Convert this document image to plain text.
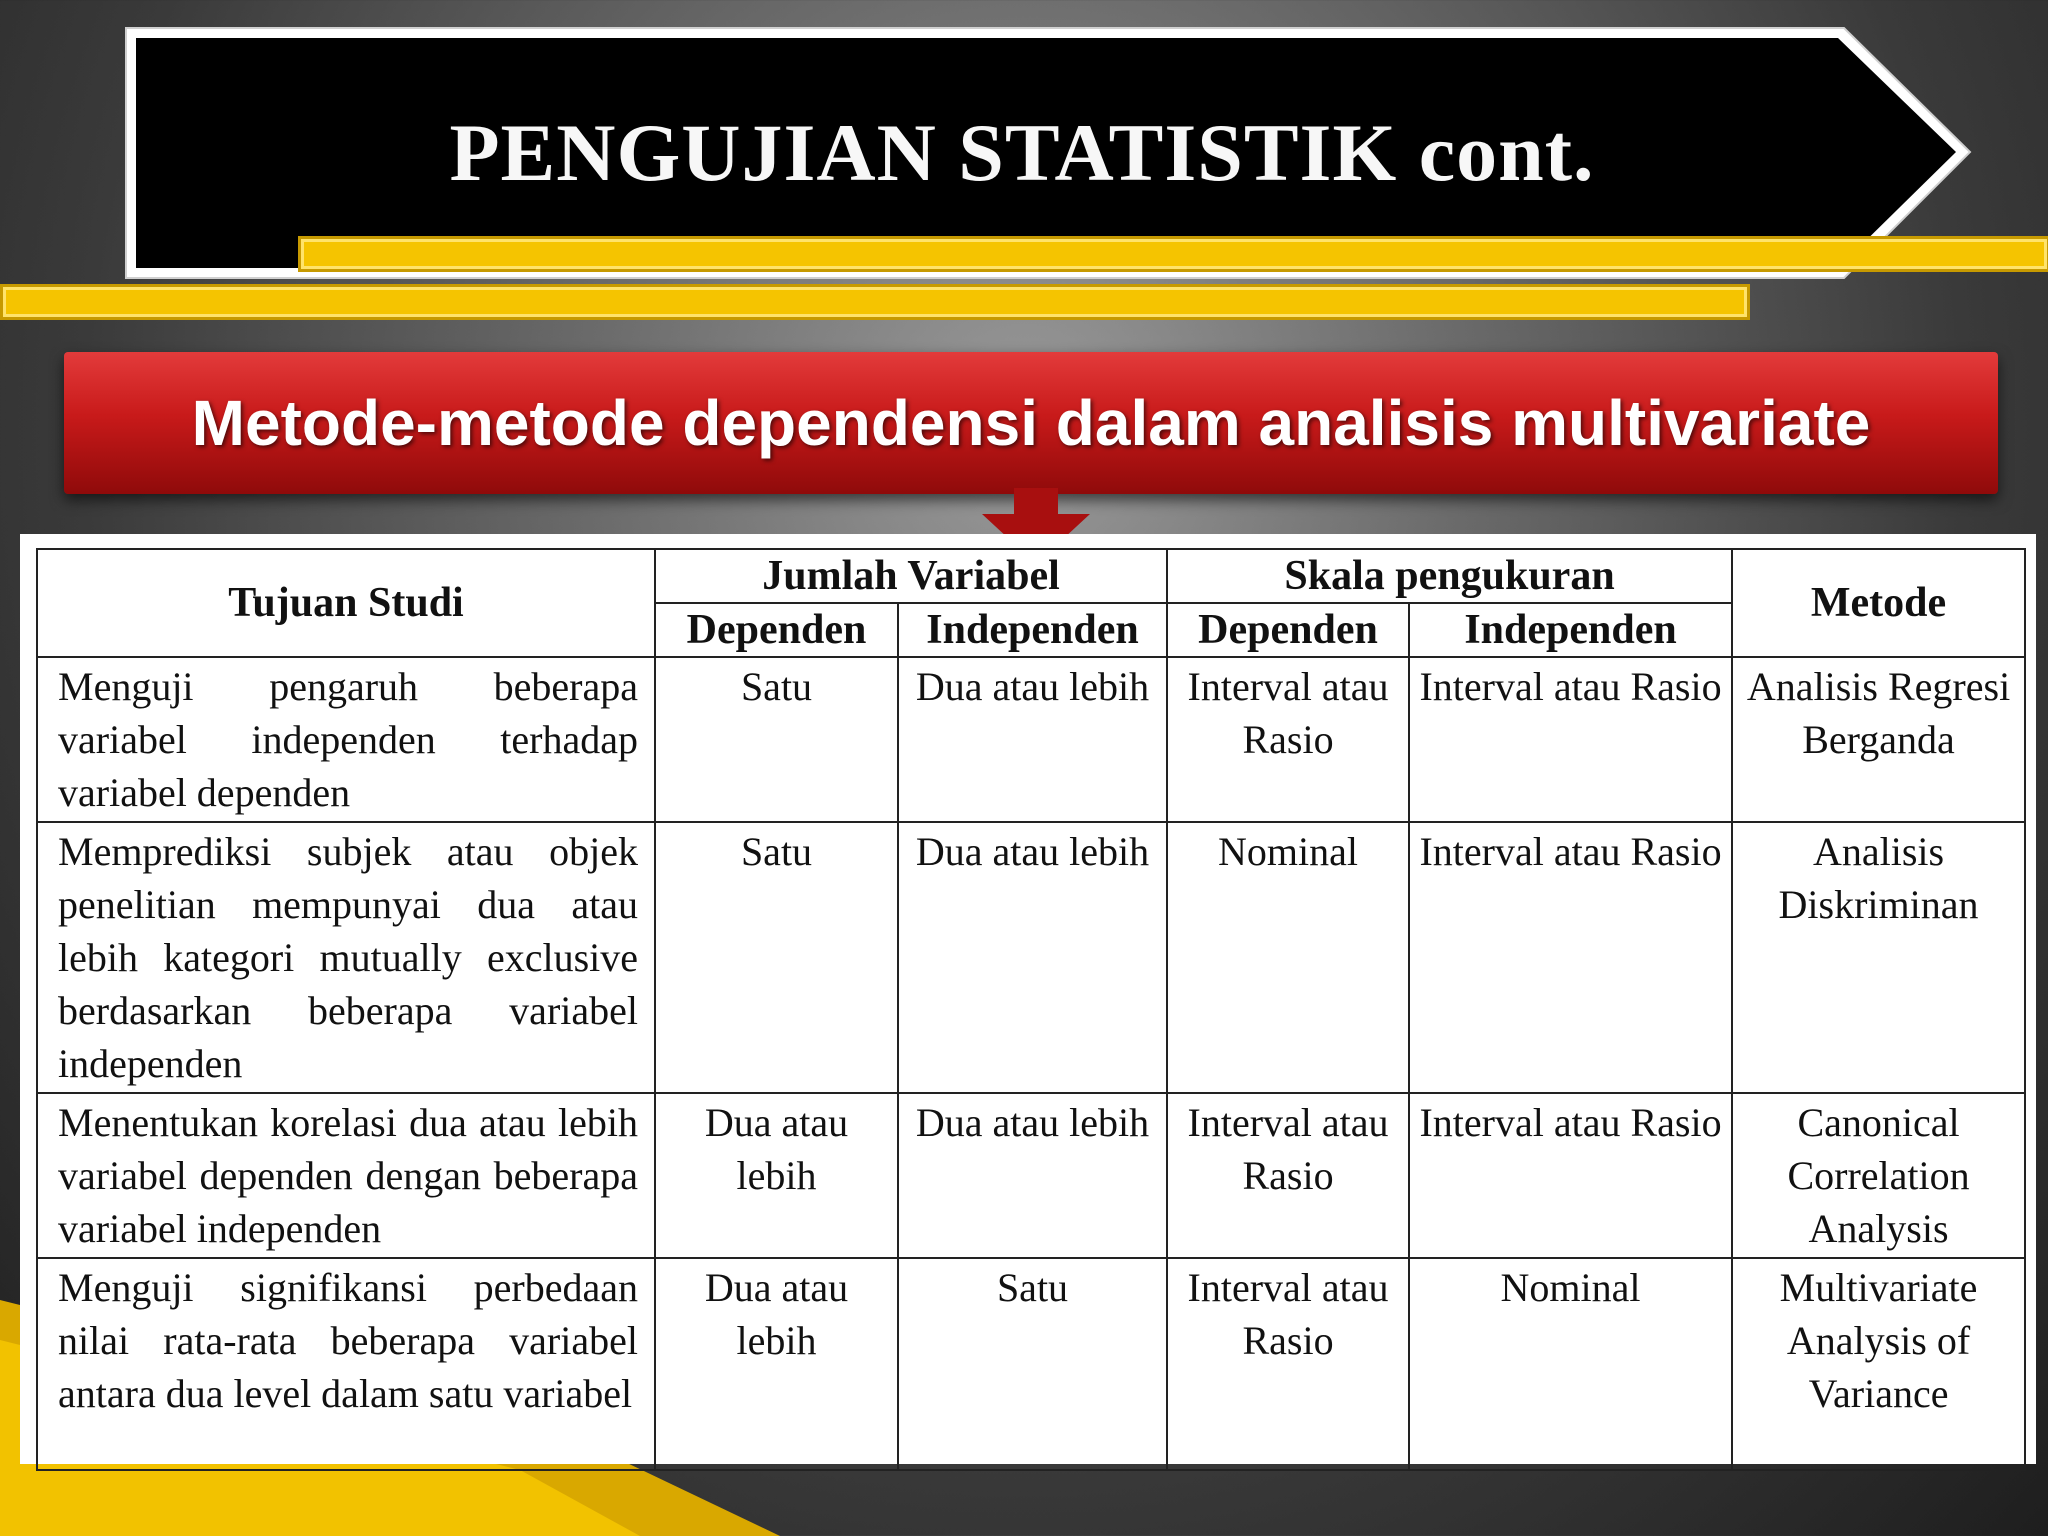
PENGUJIAN STATISTIK cont.
Metode-metode dependensi dalam analisis multivariate
Tujuan Studi	Jumlah Variabel		Skala pengukuran		Metode
	Dependen	Independen	Dependen	Independen	
Menguji pengaruh beberapa variabel independen terhadap variabel dependen	Satu	Dua atau lebih	Interval atau Rasio	Interval atau Rasio	Analisis Regresi Berganda
Memprediksi subjek atau objek penelitian mempunyai dua atau lebih kategori mutually exclusive berdasarkan beberapa variabel independen	Satu	Dua atau lebih	Nominal	Interval atau Rasio	Analisis Diskriminan
Menentukan korelasi dua atau lebih variabel dependen dengan beberapa variabel independen	Dua atau lebih	Dua atau lebih	Interval atau Rasio	Interval atau Rasio	Canonical Correlation Analysis
Menguji signifikansi perbedaan nilai rata-rata beberapa variabel antara dua level dalam satu variabel	Dua atau lebih	Satu	Interval atau Rasio	Nominal	Multivariate Analysis of Variance
